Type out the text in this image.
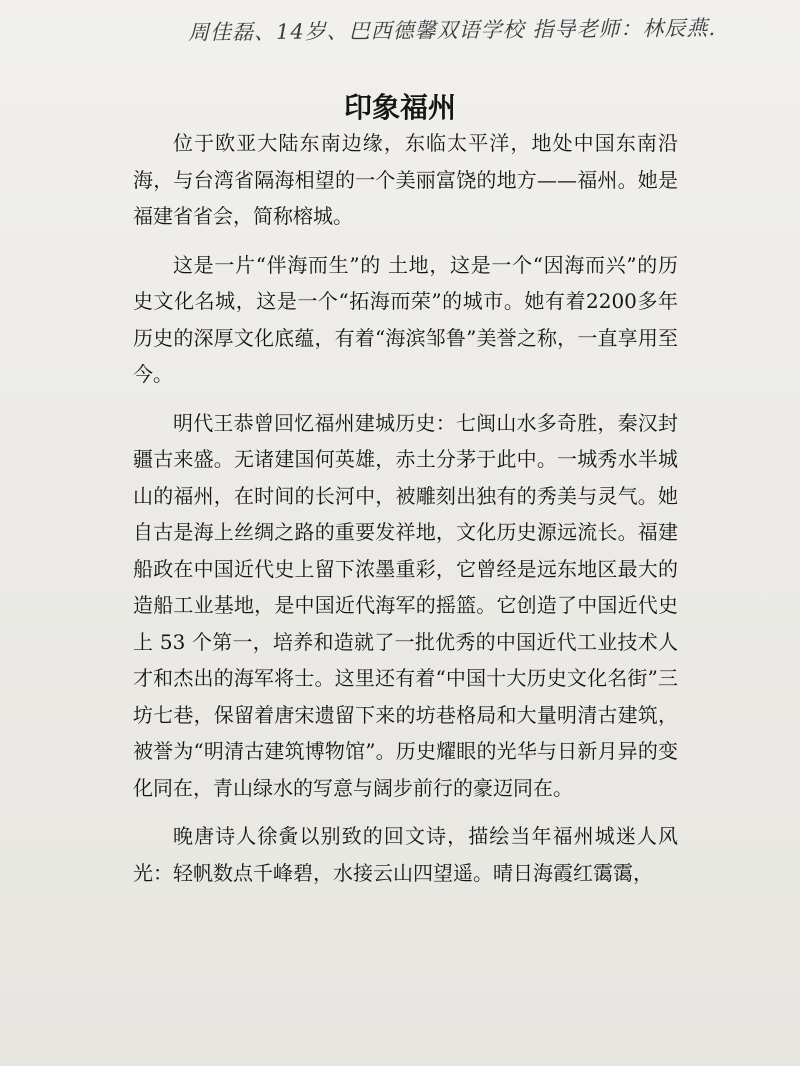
周佳磊、14岁、巴西德馨双语学校 指导老师：林辰燕.
印象福州

位于欧亚大陆东南边缘，东临太平洋，地处中国东南沿海，与台湾省隔海相望的一个美丽富饶的地方——福州。她是福建省省会，简称榕城。

这是一片“伴海而生”的 土地，这是一个“因海而兴”的历史文化名城，这是一个“拓海而荣”的城市。她有着2200多年历史的深厚文化底蕴，有着“海滨邹鲁”美誉之称，一直享用至今。

明代王恭曾回忆福州建城历史：七闽山水多奇胜，秦汉封疆古来盛。无诸建国何英雄，赤土分茅于此中。一城秀水半城山的福州，在时间的长河中，被雕刻出独有的秀美与灵气。她自古是海上丝绸之路的重要发祥地，文化历史源远流长。福建船政在中国近代史上留下浓墨重彩，它曾经是远东地区最大的造船工业基地，是中国近代海军的摇篮。它创造了中国近代史上 53 个第一，培养和造就了一批优秀的中国近代工业技术人才和杰出的海军将士。这里还有着“中国十大历史文化名街”三坊七巷，保留着唐宋遗留下来的坊巷格局和大量明清古建筑，被誉为“明清古建筑博物馆”。历史耀眼的光华与日新月异的变化同在，青山绿水的写意与阔步前行的豪迈同在。

晚唐诗人徐夤以别致的回文诗，描绘当年福州城迷人风光：轻帆数点千峰碧，水接云山四望遥。晴日海霞红霭霭，
